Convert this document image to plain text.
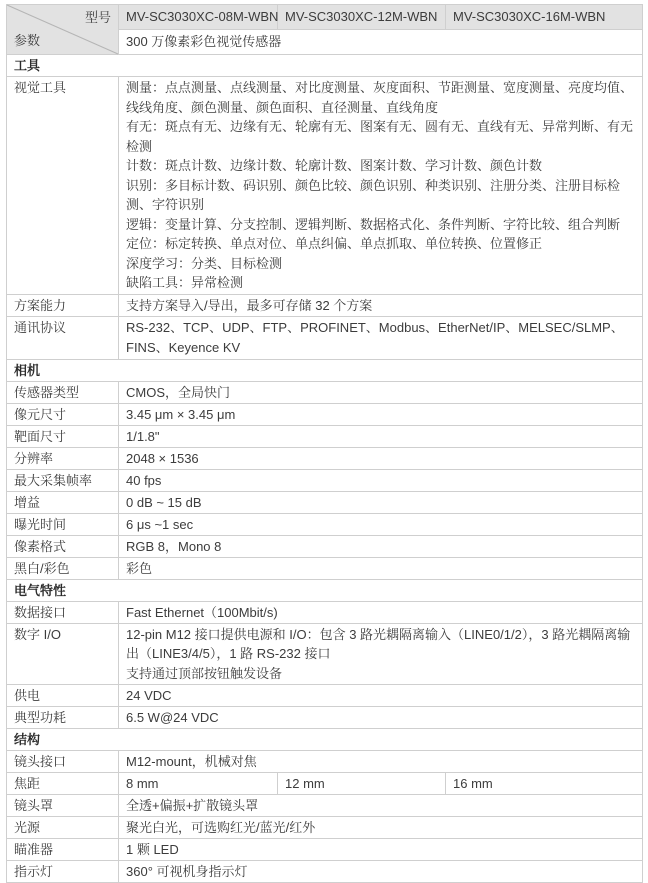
型号
参数	MV-SC3030XC-08M-WBN	MV-SC3030XC-12M-WBN	MV-SC3030XC-16M-WBN
	300 万像素彩色视觉传感器		
工具			
视觉工具	测量：点点测量、点线测量、对比度测量、灰度面积、节距测量、宽度测量、亮度均值、线线角度、颜色测量、颜色面积、直径测量、直线角度

有无：斑点有无、边缘有无、轮廓有无、图案有无、圆有无、直线有无、异常判断、有无检测

计数：斑点计数、边缘计数、轮廓计数、图案计数、学习计数、颜色计数

识别：多目标计数、码识别、颜色比较、颜色识别、种类识别、注册分类、注册目标检测、字符识别

逻辑：变量计算、分支控制、逻辑判断、数据格式化、条件判断、字符比较、组合判断

定位：标定转换、单点对位、单点纠偏、单点抓取、单位转换、位置修正

深度学习：分类、目标检测

缺陷工具：异常检测

方案能力	支持方案导入/导出，最多可存储 32 个方案		
通讯协议	RS-232、TCP、UDP、FTP、PROFINET、Modbus、EtherNet/IP、MELSEC/SLMP、FINS、Keyence KV		
相机			
传感器类型	CMOS，全局快门		
像元尺寸	3.45 μm × 3.45 μm		
靶面尺寸	1/1.8"		
分辨率	2048 × 1536		
最大采集帧率	40 fps		
增益	0 dB ~ 15 dB		
曝光时间	6 μs ~1 sec		
像素格式	RGB 8，Mono 8		
黑白/彩色	彩色		
电气特性			
数据接口	Fast Ethernet（100Mbit/s)		
数字 I/O	12-pin M12 接口提供电源和 I/O：包含 3 路光耦隔离输入（LINE0/1/2），3 路光耦隔离输出（LINE3/4/5），1 路 RS-232 接口

支持通过顶部按钮触发设备		

供电	24 VDC		
典型功耗	6.5 W@24 VDC		
结构			
镜头接口	M12-mount，机械对焦		
焦距	8 mm	12 mm	16 mm
镜头罩	全透+偏振+扩散镜头罩		
光源	聚光白光，可选购红光/蓝光/红外		
瞄准器	1 颗 LED		
指示灯	360° 可视机身指示灯		
